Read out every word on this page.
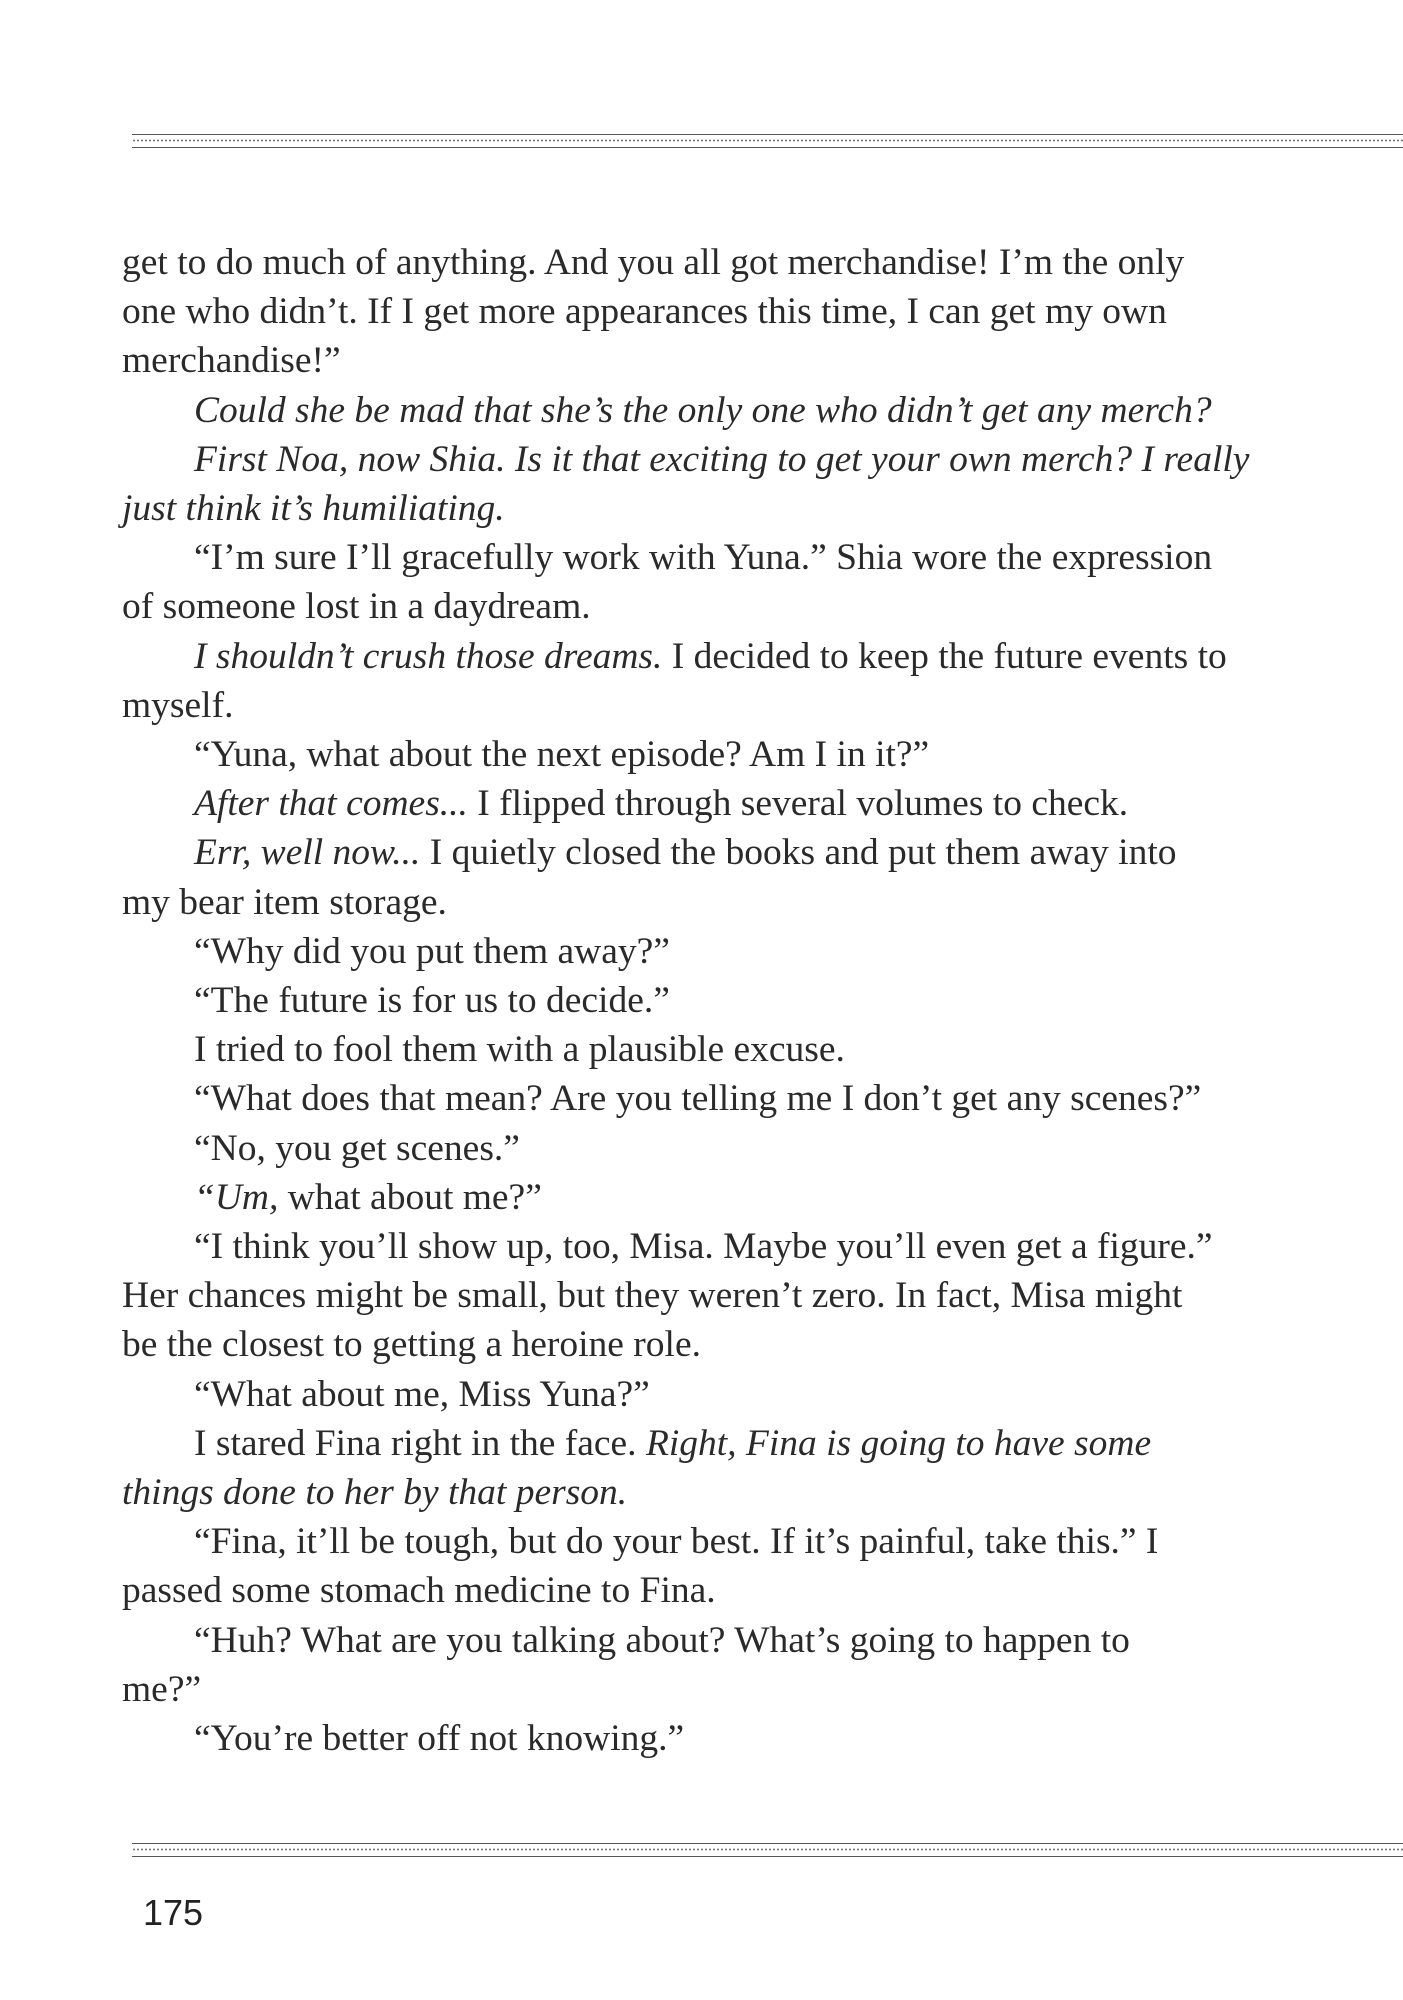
get to do much of anything. And you all got merchandise! I’m the only

one who didn’t. If I get more appearances this time, I can get my own

merchandise!”

Could she be mad that she’s the only one who didn’t get any merch?

First Noa, now Shia. Is it that exciting to get your own merch? I really

just think it’s humiliating.

“I’m sure I’ll gracefully work with Yuna.” Shia wore the expression

of someone lost in a daydream.

I shouldn’t crush those dreams. I decided to keep the future events to

myself.

“Yuna, what about the next episode? Am I in it?”

After that comes... I flipped through several volumes to check.

Err, well now... I quietly closed the books and put them away into

my bear item storage.

“Why did you put them away?”

“The future is for us to decide.”

I tried to fool them with a plausible excuse.

“What does that mean? Are you telling me I don’t get any scenes?”

“No, you get scenes.”

“Um, what about me?”

“I think you’ll show up, too, Misa. Maybe you’ll even get a figure.”

Her chances might be small, but they weren’t zero. In fact, Misa might

be the closest to getting a heroine role.

“What about me, Miss Yuna?”

I stared Fina right in the face. Right, Fina is going to have some

things done to her by that person.

“Fina, it’ll be tough, but do your best. If it’s painful, take this.” I

passed some stomach medicine to Fina.

“Huh? What are you talking about? What’s going to happen to

me?”

“You’re better off not knowing.”

175
